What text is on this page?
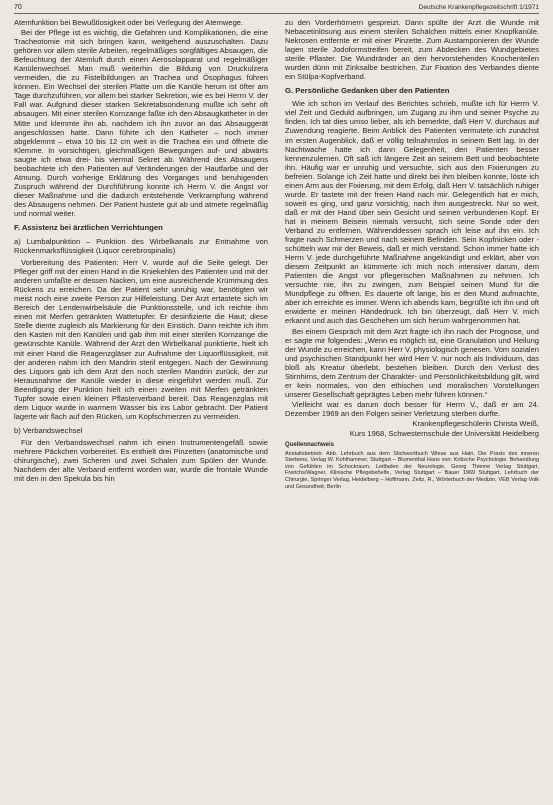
70	Deutsche Krankenpflegezeitschrift 1/1971

Atemfunktion bei Bewußtlosigkeit oder bei Verlegung der Atemwege.

Bei der Pflege ist es wichtig, die Gefahren und Komplikationen, die eine Tracheotomie mit sich bringen kann, weitgehend auszuschalten. Dazu gehören vor allem sterile Arbeiten, regelmäßiges sorgfältiges Absaugen, die Befeuchtung der Atemluft durch einen Aerosolapparat und regelmäßiger Kanülenwechsel. Man muß weiterhin die Bildung von Druckulzera vermeiden, die zu Fistelbildungen an Trachea und Ösophagus führen können. Ein Wechsel der sterilen Platte um die Kanüle herum ist öfter am Tage durchzuführen, vor allem bei starker Sekretion, wie es bei Herrn V. der Fall war. Aufgrund dieser starken Sekretabsonderung mußte ich sehr oft absaugen. Mit einer sterilen Kornzange faßte ich den Absaugkatheter in der Mitte und klemmte ihn ab, nachdem ich ihn zuvor an das Absauggerät angeschlossen hatte. Dann führte ich den Katheter – noch immer abgeklemmt – etwa 10 bis 12 cm weit in die Trachea ein und öffnete die Klemme. In vorsichtigen, gleichmäßigen Bewegungen auf- und abwärts saugte ich etwa drei- bis viermal Sekret ab. Während des Absaugens beobachtete ich den Patienten auf Veränderungen der Hautfarbe und der Atmung. Durch vorherige Erklärung des Vorganges und beruhigenden Zuspruch während der Durchführung konnte ich Herrn V. die Angst vor dieser Maßnahme und die dadurch entstehende Verkrampfung während des Absaugens nehmen. Der Patient hustete gut ab und atmete regelmäßig und normal weiter.

F. Assistenz bei ärztlichen Verrichtungen
a) Lumbalpunktion – Punktion des Wirbelkanals zur Entnahme von Rückenmarksflüssigkeit (Liquor cerebrospinalis)

Vorbereitung des Patienten: Herr V. wurde auf die Seite gelegt. Der Pfleger griff mit der einen Hand in die Kniekehlen des Patienten und mit der anderen umfaßte er dessen Nacken, um eine ausreichende Krümmung des Rückens zu erreichen. Da der Patient sehr unruhig war, benötigten wir meist noch eine zweite Person zur Hilfeleistung. Der Arzt ertastete sich im Bereich der Lendenwirbelsäule die Punktionsstelle, und ich reichte ihm einen mit Merfen getränkten Wattetupfer. Er desinfizierte die Haut; diese Stelle diente zugleich als Markierung für den Einstich. Dann reichte ich ihm den Kasten mit den Kanülen und gab ihm mit einer sterilen Kornzange die gewünschte Kanüle. Während der Arzt den Wirbelkanal punktierte, hielt ich mit einer Hand die Reagenzgläser zur Aufnahme der Liquorflüssigkeit, mit der anderen nahm ich den Mandrin steril entgegen. Nach der Gewinnung des Liquors gab ich dem Arzt den noch sterilen Mandrin zurück, der zur Herausnahme der Kanüle wieder in diese eingeführt werden muß. Zur Beendigung der Punktion hielt ich einen zweiten mit Merfen getränkten Tupfer sowie einen kleinen Pflasterverband bereit. Das Reagenzglas mit dem Liquor wurde in warmem Wasser bis ins Labor gebracht. Der Patient lagerte wir flach auf den Rücken, um Kopfschmerzen zu vermeiden.

b) Verbandswechsel

Für den Verbandswechsel nahm ich einen Instrumentengefäß sowie mehrere Päckchen vorbereitet. Es enthielt drei Pinzetten (anatomische und chirurgische), zwei Scheren und zwei Schalen zum Spülen der Wunde. Nachdem der alte Verband entfernt worden war, wurde die frontale Wunde mit den in den Spekula bis hin

zu den Vorderhörnern gespreizt. Dann spülte der Arzt die Wunde mit Nebacetinlösung aus einem sterilen Schälchen mittels einer Knopfkanüle. Nekrosen entfernte er mit einer Pinzette. Zum Austamponieren der Wunde lagen sterile Jodoformstreifen bereit, zum Abdecken des Wundgebietes sterile Pflaster. Die Wundränder an den hervorstehenden Knochenteilen wurden dünn mit Zinksalbe bestrichen. Zur Fixation des Verbandes diente ein Stülpa-Kopfverband.

G. Persönliche Gedanken über den Patienten

Wie ich schon im Verlauf des Berichtes schrieb, mußte ich für Herrn V. viel Zeit und Geduld aufbringen, um Zugang zu ihm und seiner Psyche zu finden. Ich tat dies umso lieber, als ich bemerkte, daß Herr V. durchaus auf Zuwendung reagierte. Beim Anblick des Patienten vermutete ich zunächst im ersten Augenblick, daß er völlig teilnahmslos in seinem Bett lag. In der Nachtwache hatte ich dann Gelegenheit, den Patienten besser kennenzulernen. Oft saß ich längere Zeit an seinem Bett und beobachtete ihn. Häufig war er unruhig und versuchte, sich aus den Fixierungen zu befreien. Solange ich Zeit hatte und direkt bei ihm bleiben konnte, löste ich einen Arm aus der Fixierung, mit dem Erfolg, daß Herr V. tatsächlich ruhiger wurde. Er tastete mit der freien Hand nach mir. Gelegentlich hat er mich, soweit es ging, und ganz vorsichtig, nach ihm ausgestreckt. Nur so weit, daß er mit der Hand über sein Gesicht und seinen verbundenen Kopf. Er hat in meinem Beisein niemals versucht, sich seine Sonde oder den Verband zu entfernen. Währenddessen sprach ich leise auf ihn ein. Ich fragte nach Schmerzen und nach seinem Befinden. Sein Kopfnicken oder -schütteln war mir der Beweis, daß er mich verstand. Schon immer hatte ich Herrn V. jede durchgeführte Maßnahme angekündigt und erklärt, aber von diesem Zeitpunkt an kümmerte ich mich noch intensiver darum, dem Patienten die Angst vor pflegerischen Maßnahmen zu nehmen. Ich versuchte nie, ihn zu zwingen, zum Beispiel seinen Mund für die Mundpflege zu öffnen. Es dauerte oft lange, bis er den Mund aufmachte, aber ich erreichte es immer. Wenn ich abends kam, begrüßte ich ihn und oft erwiderte er meinen Händedruck. Ich bin überzeugt, daß Herr V. mich erkannt und auch das Geschehen um sich herum wahrgenommen hat.

Bei einem Gespräch mit dem Arzt fragte ich ihn nach der Prognose, und er sagte mir folgendes: „Wenn es möglich ist, eine Granulation und Heilung der Wunde zu erreichen, kann Herr V. physiologisch genesen. Vom sozialen und psychischen Standpunkt her wird Herr V. nur noch als Individuum, das bloß als Kreatur überlebt, bestehen bleiben. Durch den Verlust des Stirnhirns, dem Zentrum der Charakter- und Persönlichkeitsbildung gilt, wird er kein normales, von den ethischen und moralischen Vorstellungen unserer Gesellschaft geprägtes Leben mehr führen können.“

Vielleicht war es darum doch besser für Herrn V., daß er am 24. Dezember 1969 an den Folgen seiner Verletzung sterben durfte.

Krankenpflegeschülerin Christa Weiß,
Kurs 1968, Schwesternschule der Universität Heidelberg
Quellennachweis

Anstaltsbetrieb: Abb. Lehrbuch aus dem Stichwortbuch Wiese aus Hain, Die Praxis des inneren Sterbens, Verlag W. Kohlhammer, Stuttgart – Blumenthal Hans von: Kritische Psychologie. Behandlung von Gefühlen im Schockraum, Leitfaden der Neurologie, Georg Thieme Verlag Stuttgart, Frerichs/Wagner, Klinische Pflegebehelfe, Verlag Stuttgart – Bauer 1969 Stuttgart, Lehrbuch der Chirurgie, Springer Verlag, Heidelberg – Hoffmann, Zeitz, R., Wörterbuch der Medizin, VEB Verlag Volk und Gesundheit, Berlin
